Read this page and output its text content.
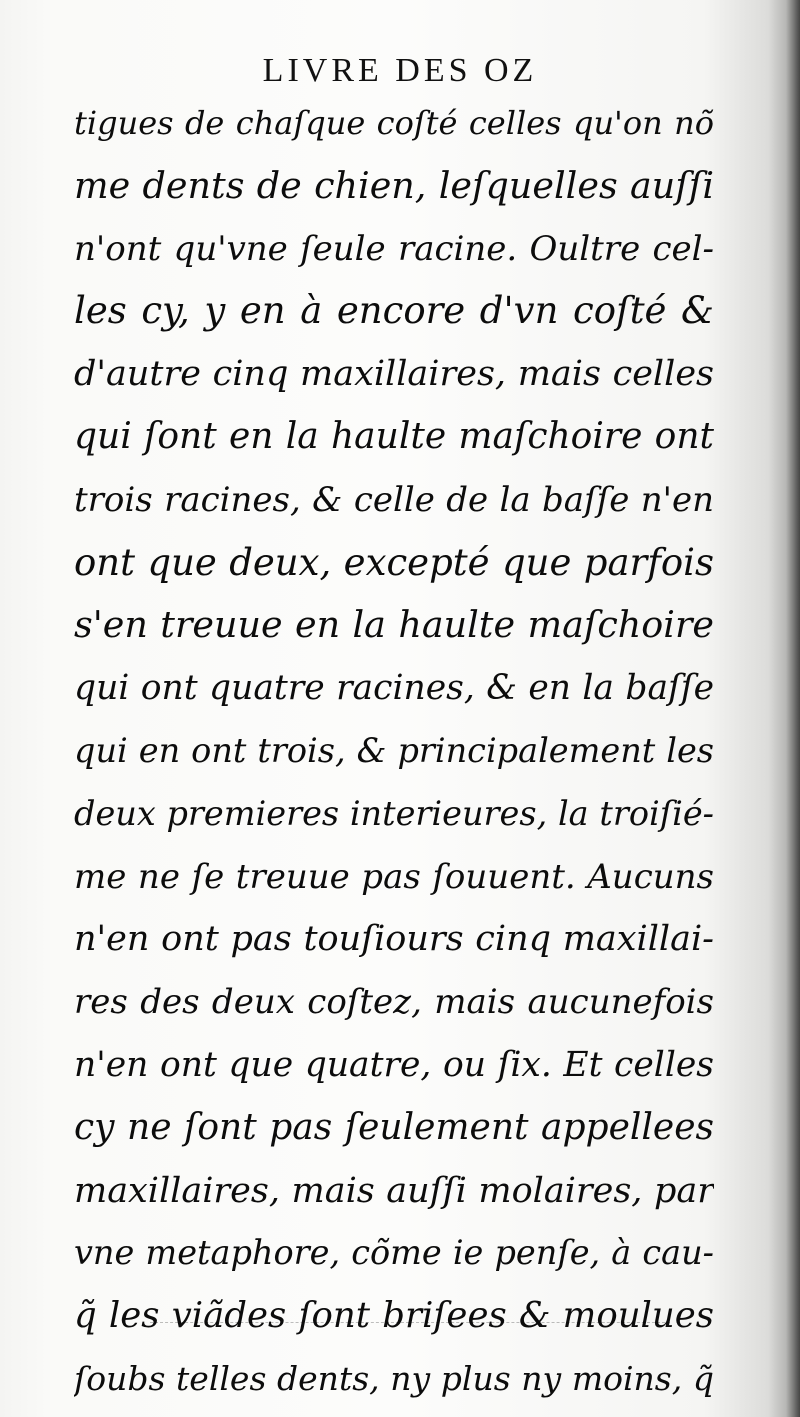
LIVRE DES OZ
tigues de chaſque coſté celles qu'on nõ
me dents de chien, leſquelles auſſi
n'ont qu'vne ſeule racine. Oultre cel-
les cy, y en à encore d'vn coſté &
d'autre cinq maxillaires, mais celles
qui ſont en la haulte maſchoire ont
trois racines, & celle de la baſſe n'en
ont que deux, excepté que parfois
s'en treuue en la haulte maſchoire
qui ont quatre racines, & en la baſſe
qui en ont trois, & principalement les
deux premieres interieures, la troiſié-
me ne ſe treuue pas ſouuent. Aucuns
n'en ont pas touſiours cinq maxillai-
res des deux coſtez, mais aucunefois
n'en ont que quatre, ou ſix. Et celles
cy ne ſont pas ſeulement appellees
maxillaires, mais auſſi molaires, par
vne metaphore, cõme ie penſe, à cau-
q̃ les viãdes ſont briſees & moulues
ſoubs telles dents, ny plus ny moins, q̃
